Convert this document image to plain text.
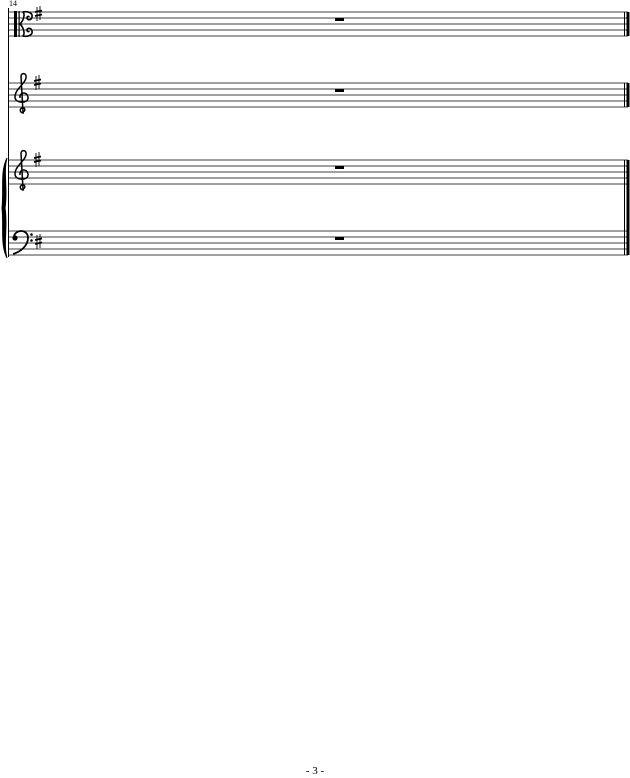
14
- 3 -
